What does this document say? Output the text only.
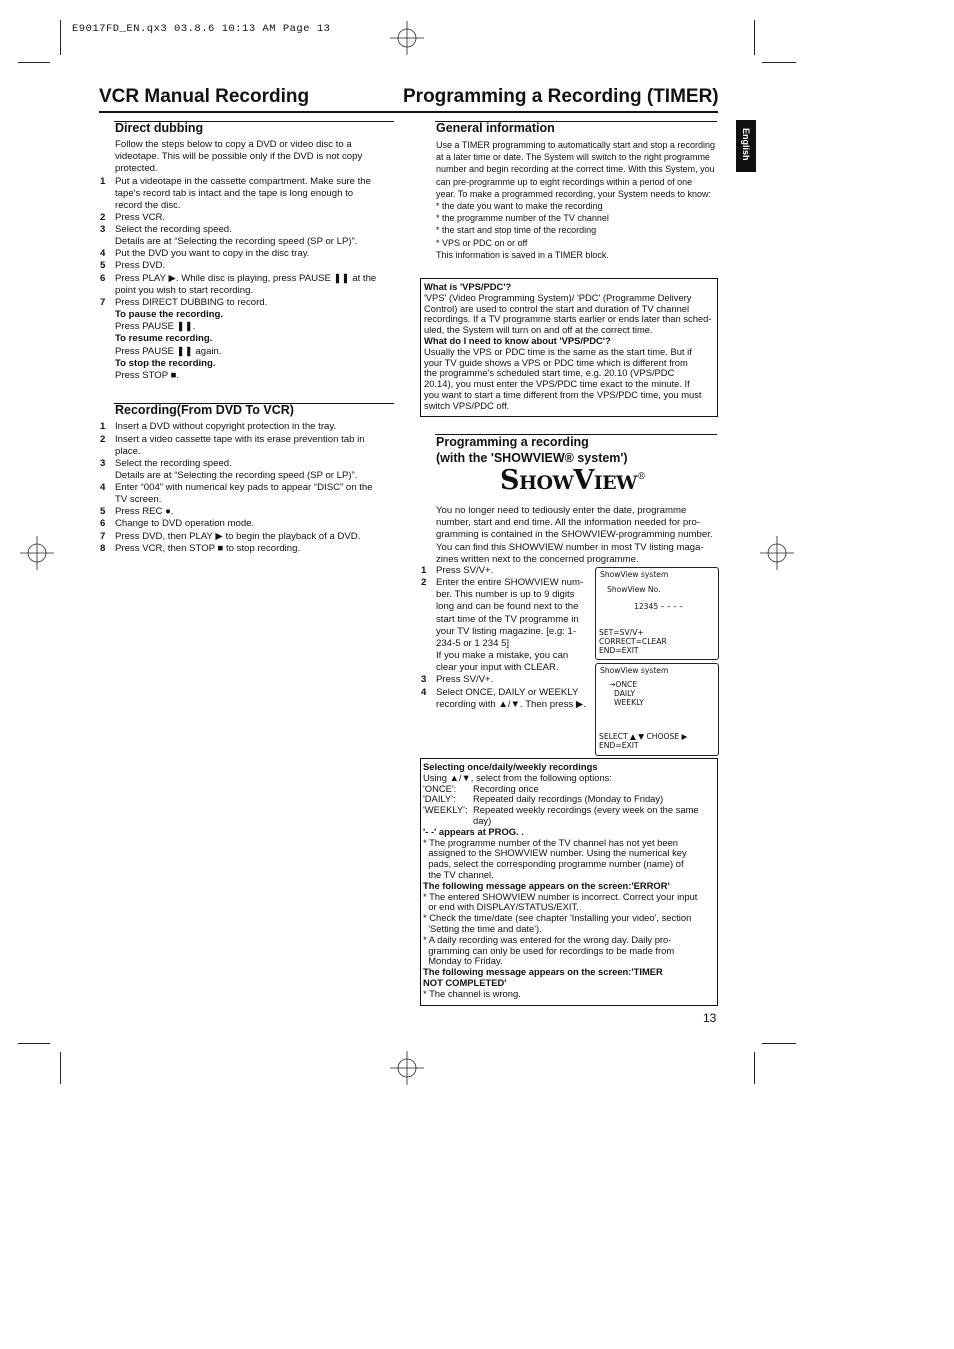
E9017FD_EN.qx3 03.8.6 10:13 AM Page 13
VCR Manual Recording	Programming a Recording (TIMER)
English
Direct dubbing
Follow the steps below to copy a DVD or video disc to a
videotape. This will be possible only if the DVD is not copy
protected.
1 Put a videotape in the cassette compartment. Make sure the
tape's record tab is intact and the tape is long enough to
record the disc.
2 Press VCR.
3 Select the recording speed.
Details are at “Selecting the recording speed (SP or LP)”.
4 Put the DVD you want to copy in the disc tray.
5 Press DVD.
6 Press PLAY ▶. While disc is playing, press PAUSE ❚❚ at the
point you wish to start recording.
7 Press DIRECT DUBBING to record.
To pause the recording.
Press PAUSE ❚❚.
To resume recording.
Press PAUSE ❚❚ again.
To stop the recording.
Press STOP ■.
Recording(From DVD To VCR)
1 Insert a DVD without copyright protection in the tray.
2 Insert a video cassette tape with its erase prevention tab in
place.
3 Select the recording speed.
Details are at “Selecting the recording speed (SP or LP)”.
4 Enter “004” with numerical key pads to appear “DISC” on the
TV screen.
5 Press REC ●.
6 Change to DVD operation mode.
7 Press DVD, then PLAY ▶ to begin the playback of a DVD.
8 Press VCR, then STOP ■ to stop recording.
General information
Use a TIMER programming to automatically start and stop a recording
at a later time or date. The System will switch to the right programme
number and begin recording at the correct time. With this System, you
can pre-programme up to eight recordings within a period of one
year. To make a programmed recording, your System needs to know:
* the date you want to make the recording
* the programme number of the TV channel
* the start and stop time of the recording
* VPS or PDC on or off
This information is saved in a TIMER block.
What is 'VPS/PDC'?
'VPS' (Video Programming System)/ 'PDC' (Programme Delivery
Control) are used to control the start and duration of TV channel
recordings. If a TV programme starts earlier or ends later than sched-
uled, the System will turn on and off at the correct time.
What do I need to know about 'VPS/PDC'?
Usually the VPS or PDC time is the same as the start time. But if
your TV guide shows a VPS or PDC time which is different from
the programme's scheduled start time, e.g. 20.10 (VPS/PDC
20.14), you must enter the VPS/PDC time exact to the minute. If
you want to start a time different from the VPS/PDC time, you must
switch VPS/PDC off.
Programming a recording
(with the 'SHOWVIEW® system')
ShowView®
You no longer need to tediously enter the date, programme
number, start and end time. All the information needed for pro-
gramming is contained in the SHOWVIEW-programming number.
You can find this SHOWVIEW number in most TV listing maga-
zines written next to the concerned programme.
1 Press SV/V+.
2 Enter the entire SHOWVIEW num-
ber. This number is up to 9 digits
long and can be found next to the
start time of the TV programme in
your TV listing magazine. [e.g: 1-
234-5 or 1 234 5]
If you make a mistake, you can
clear your input with CLEAR.
3 Press SV/V+.
4 Select ONCE, DAILY or WEEKLY
recording with ▲/▼. Then press ▶.
ShowView system
ShowView No.
12345 – – – –
SET=SV/V+
CORRECT=CLEAR
END=EXIT
ShowView system
→ONCE
DAILY
WEEKLY
SELECT ▲ ▼ CHOOSE ▶
END=EXIT
Selecting once/daily/weekly recordings
Using ▲/▼, select from the following options:
'ONCE': Recording once
'DAILY': Repeated daily recordings (Monday to Friday)
'WEEKLY': Repeated weekly recordings (every week on the same
day)
'- -' appears at PROG. .
* The programme number of the TV channel has not yet been
assigned to the SHOWVIEW number. Using the numerical key
pads, select the corresponding programme number (name) of
the TV channel.
The following message appears on the screen:'ERROR'
* The entered SHOWVIEW number is incorrect. Correct your input
or end with DISPLAY/STATUS/EXIT.
* Check the time/date (see chapter 'Installing your video', section
'Setting the time and date').
* A daily recording was entered for the wrong day. Daily pro-
gramming can only be used for recordings to be made from
Monday to Friday.
The following message appears on the screen:'TIMER
NOT COMPLETED'
* The channel is wrong.
13
